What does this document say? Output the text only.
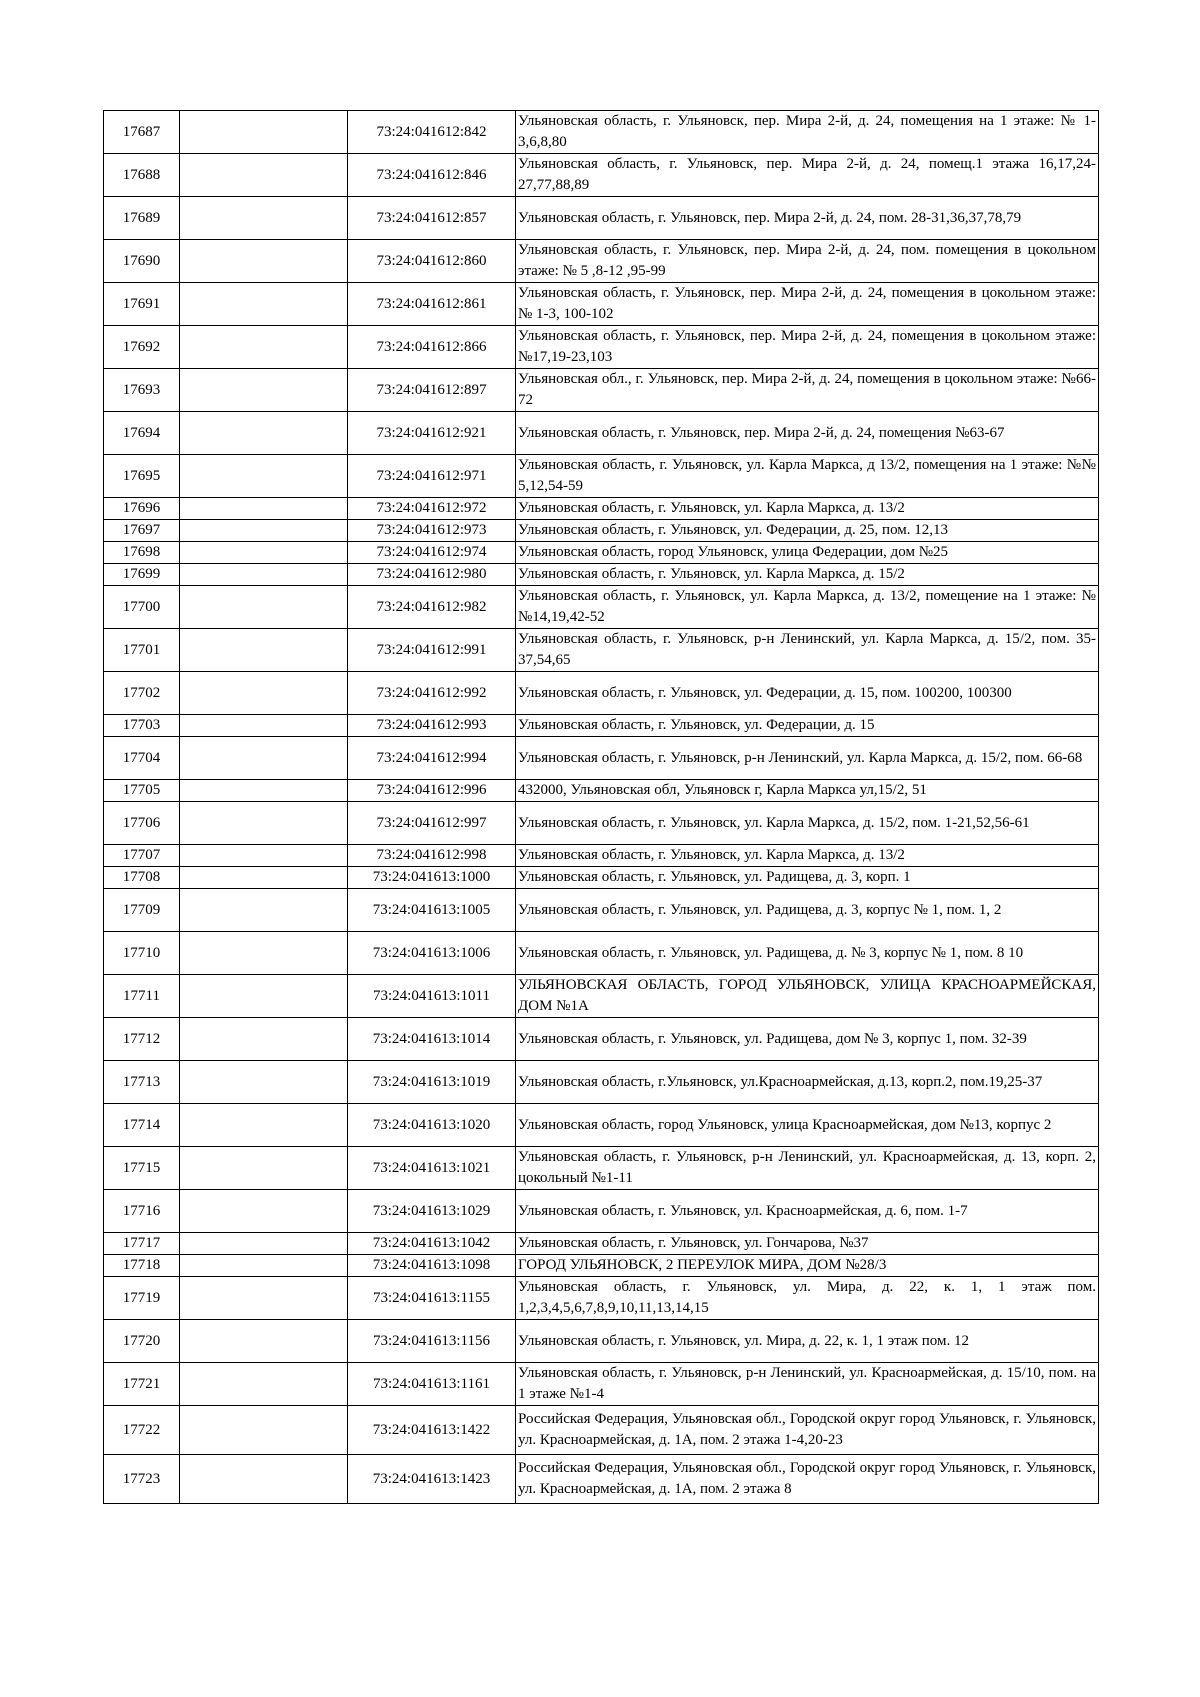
17687		73:24:041612:842	Ульяновская область, г. Ульяновск, пер. Мира 2-й, д. 24, помещения на 1 этаже: № 1-3,6,8,80
17688		73:24:041612:846	Ульяновская область, г. Ульяновск, пер. Мира 2-й, д. 24, помещ.1 этажа 16,17,24-27,77,88,89
17689		73:24:041612:857	Ульяновская область, г. Ульяновск, пер. Мира 2-й, д. 24, пом. 28-31,36,37,78,79
17690		73:24:041612:860	Ульяновская область, г. Ульяновск, пер. Мира 2-й, д. 24, пом. помещения в цокольном этаже: № 5 ,8-12 ,95-99
17691		73:24:041612:861	Ульяновская область, г. Ульяновск, пер. Мира 2-й, д. 24, помещения в цокольном этаже: № 1-3, 100-102
17692		73:24:041612:866	Ульяновская область, г. Ульяновск, пер. Мира 2-й, д. 24, помещения в цокольном этаже: №17,19-23,103
17693		73:24:041612:897	Ульяновская обл., г. Ульяновск, пер. Мира 2-й, д. 24, помещения в цокольном этаже: №66-72
17694		73:24:041612:921	Ульяновская область, г. Ульяновск, пер. Мира 2-й, д. 24, помещения №63-67
17695		73:24:041612:971	Ульяновская область, г. Ульяновск, ул. Карла Маркса, д 13/2, помещения на 1 этаже: №№ 5,12,54-59
17696		73:24:041612:972	Ульяновская область, г. Ульяновск, ул. Карла Маркса, д. 13/2
17697		73:24:041612:973	Ульяновская область, г. Ульяновск, ул. Федерации, д. 25, пом. 12,13
17698		73:24:041612:974	Ульяновская область, город Ульяновск, улица Федерации, дом №25
17699		73:24:041612:980	Ульяновская область, г. Ульяновск, ул. Карла Маркса, д. 15/2
17700		73:24:041612:982	Ульяновская область, г. Ульяновск, ул. Карла Маркса, д. 13/2, помещение на 1 этаже: №№14,19,42-52
17701		73:24:041612:991	Ульяновская область, г. Ульяновск, р-н Ленинский, ул. Карла Маркса, д. 15/2, пом. 35-37,54,65
17702		73:24:041612:992	Ульяновская область, г. Ульяновск, ул. Федерации, д. 15, пом. 100200, 100300
17703		73:24:041612:993	Ульяновская область, г. Ульяновск, ул. Федерации, д. 15
17704		73:24:041612:994	Ульяновская область, г. Ульяновск, р-н Ленинский, ул. Карла Маркса, д. 15/2, пом. 66-68
17705		73:24:041612:996	432000, Ульяновская обл, Ульяновск г, Карла Маркса ул,15/2, 51
17706		73:24:041612:997	Ульяновская область, г. Ульяновск, ул. Карла Маркса, д. 15/2, пом. 1-21,52,56-61
17707		73:24:041612:998	Ульяновская область, г. Ульяновск, ул. Карла Маркса, д. 13/2
17708		73:24:041613:1000	Ульяновская область, г. Ульяновск, ул. Радищева, д. 3, корп. 1
17709		73:24:041613:1005	Ульяновская область, г. Ульяновск, ул. Радищева, д. 3, корпус № 1, пом. 1, 2
17710		73:24:041613:1006	Ульяновская область, г. Ульяновск, ул. Радищева, д. № 3, корпус № 1, пом. 8 10
17711		73:24:041613:1011	УЛЬЯНОВСКАЯ ОБЛАСТЬ, ГОРОД УЛЬЯНОВСК, УЛИЦА КРАСНОАРМЕЙСКАЯ, ДОМ №1А
17712		73:24:041613:1014	Ульяновская область, г. Ульяновск, ул. Радищева, дом № 3, корпус 1, пом. 32-39
17713		73:24:041613:1019	Ульяновская область, г.Ульяновск, ул.Красноармейская, д.13, корп.2, пом.19,25-37
17714		73:24:041613:1020	Ульяновская область, город Ульяновск, улица Красноармейская, дом №13, корпус 2
17715		73:24:041613:1021	Ульяновская область, г. Ульяновск, р-н Ленинский, ул. Красноармейская, д. 13, корп. 2, цокольный №1-11
17716		73:24:041613:1029	Ульяновская область, г. Ульяновск, ул. Красноармейская, д. 6, пом. 1-7
17717		73:24:041613:1042	Ульяновская область, г. Ульяновск, ул. Гончарова, №37
17718		73:24:041613:1098	ГОРОД УЛЬЯНОВСК, 2 ПЕРЕУЛОК МИРА, ДОМ №28/3
17719		73:24:041613:1155	Ульяновская область, г. Ульяновск, ул. Мира, д. 22, к. 1, 1 этаж пом. 1,2,3,4,5,6,7,8,9,10,11,13,14,15
17720		73:24:041613:1156	Ульяновская область, г. Ульяновск, ул. Мира, д. 22, к. 1, 1 этаж пом. 12
17721		73:24:041613:1161	Ульяновская область, г. Ульяновск, р-н Ленинский, ул. Красноармейская, д. 15/10, пом. на 1 этаже №1-4
17722		73:24:041613:1422	Российская Федерация, Ульяновская обл., Городской округ город Ульяновск, г. Ульяновск, ул. Красноармейская, д. 1А, пом. 2 этажа 1-4,20-23
17723		73:24:041613:1423	Российская Федерация, Ульяновская обл., Городской округ город Ульяновск, г. Ульяновск, ул. Красноармейская, д. 1А, пом. 2 этажа 8
